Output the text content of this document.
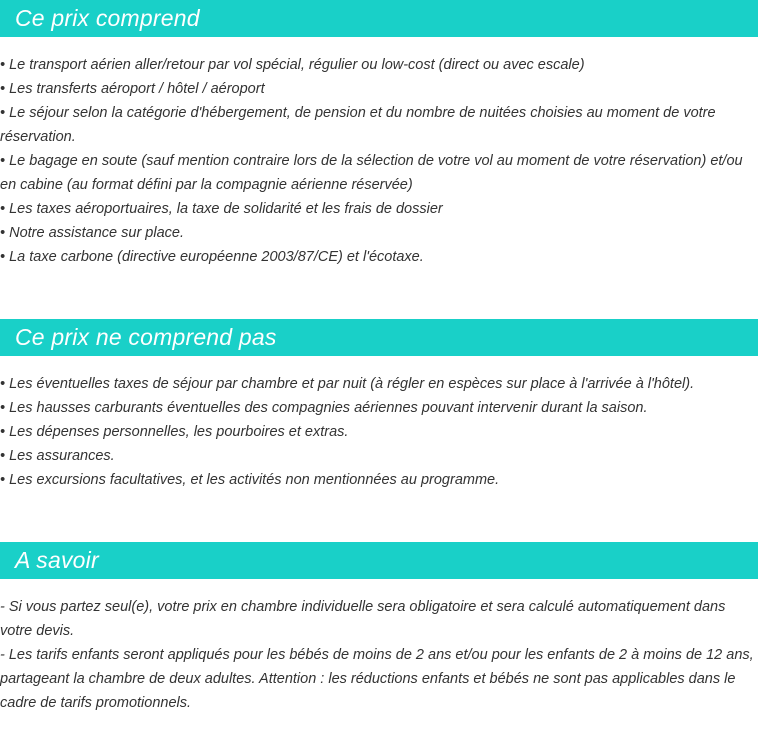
Ce prix comprend

• Le transport aérien aller/retour par vol spécial, régulier ou low-cost (direct ou avec escale)

• Les transferts aéroport / hôtel / aéroport

• Le séjour selon la catégorie d'hébergement, de pension et du nombre de nuitées choisies au moment de votre réservation.

• Le bagage en soute (sauf mention contraire lors de la sélection de votre vol au moment de votre réservation) et/ou en cabine (au format défini par la compagnie aérienne réservée)

• Les taxes aéroportuaires, la taxe de solidarité et les frais de dossier

• Notre assistance sur place.

• La taxe carbone (directive européenne 2003/87/CE) et l'écotaxe.

Ce prix ne comprend pas

• Les éventuelles taxes de séjour par chambre et par nuit (à régler en espèces sur place à l'arrivée à l'hôtel).

• Les hausses carburants éventuelles des compagnies aériennes pouvant intervenir durant la saison.

• Les dépenses personnelles, les pourboires et extras.

• Les assurances.

• Les excursions facultatives, et les activités non mentionnées au programme.

A savoir

- Si vous partez seul(e), votre prix en chambre individuelle sera obligatoire et sera calculé automatiquement dans votre devis.

- Les tarifs enfants seront appliqués pour les bébés de moins de 2 ans et/ou pour les enfants de 2 à moins de 12 ans, partageant la chambre de deux adultes. Attention : les réductions enfants et bébés ne sont pas applicables dans le cadre de tarifs promotionnels.
